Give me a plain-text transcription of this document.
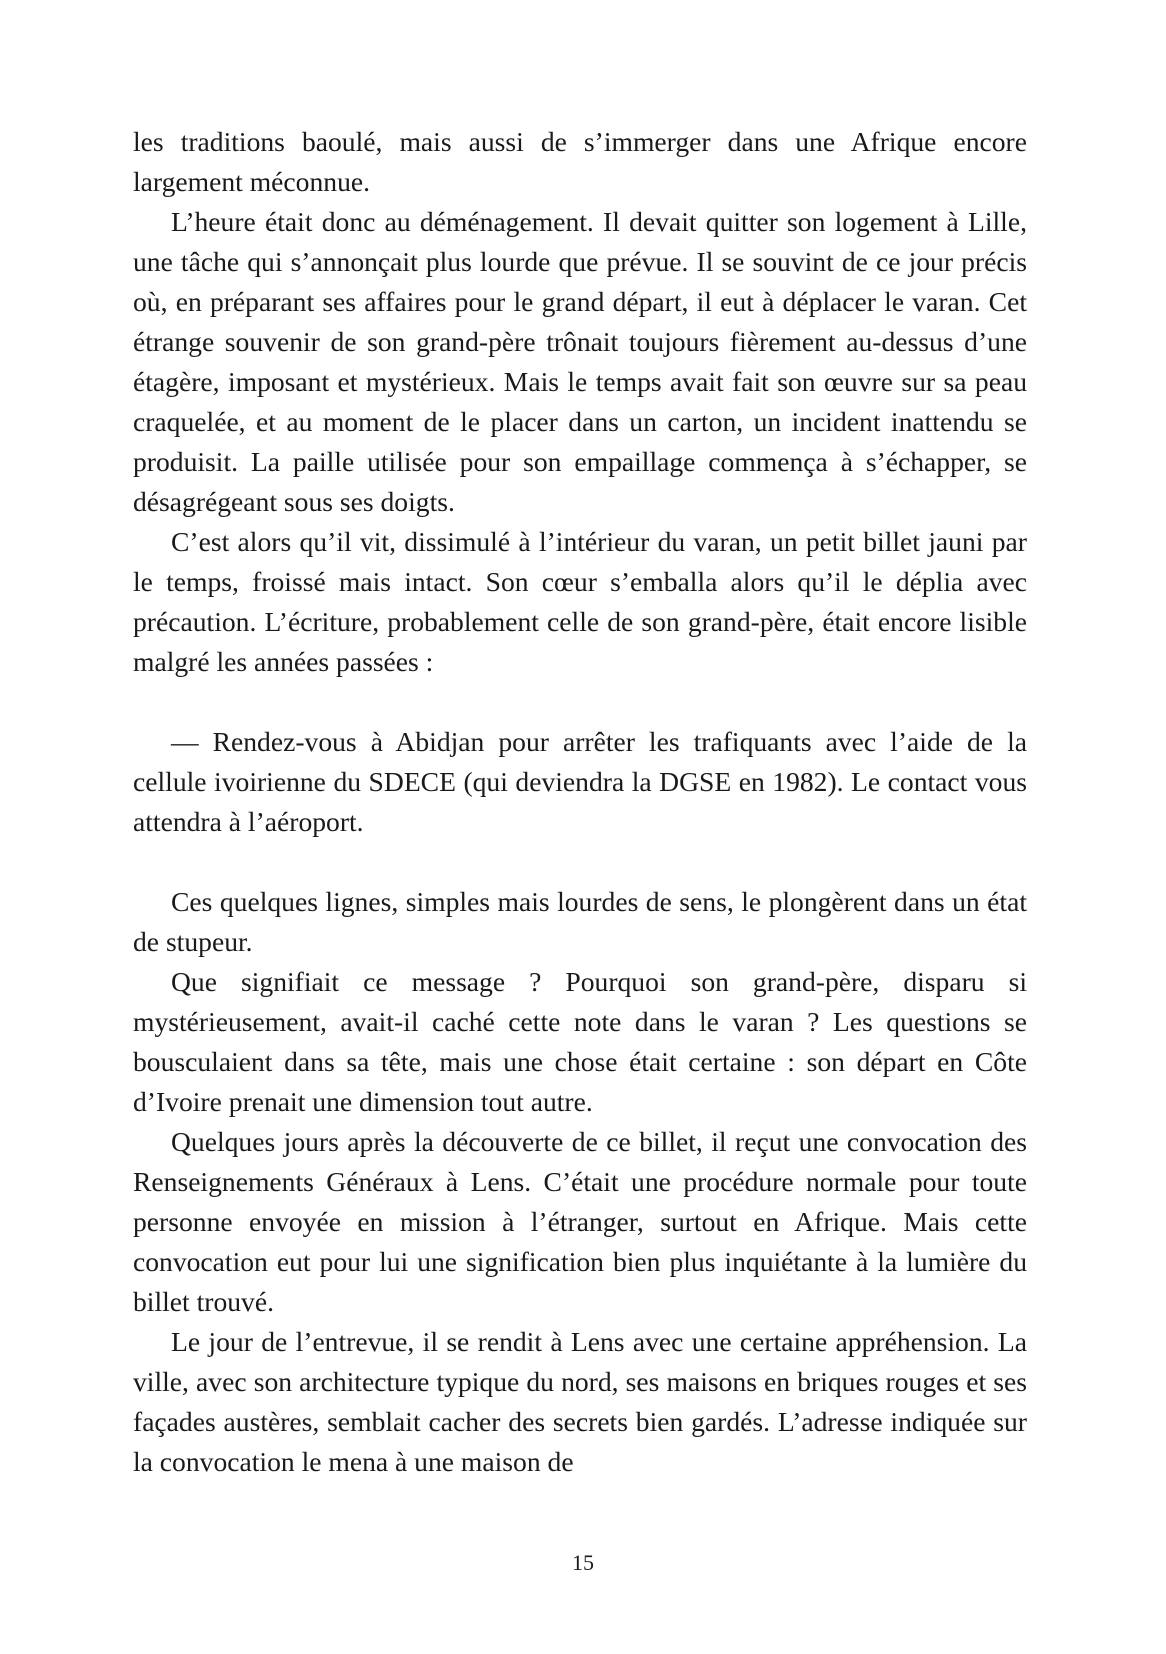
les traditions baoulé, mais aussi de s’immerger dans une Afrique encore largement méconnue.

L’heure était donc au déménagement. Il devait quitter son logement à Lille, une tâche qui s’annonçait plus lourde que prévue. Il se souvint de ce jour précis où, en préparant ses affaires pour le grand départ, il eut à déplacer le varan. Cet étrange souvenir de son grand-père trônait toujours fièrement au-dessus d’une étagère, imposant et mystérieux. Mais le temps avait fait son œuvre sur sa peau craquelée, et au moment de le placer dans un carton, un incident inattendu se produisit. La paille utilisée pour son empaillage commença à s’échapper, se désagrégeant sous ses doigts.

C’est alors qu’il vit, dissimulé à l’intérieur du varan, un petit billet jauni par le temps, froissé mais intact. Son cœur s’emballa alors qu’il le déplia avec précaution. L’écriture, probablement celle de son grand-père, était encore lisible malgré les années passées :

— Rendez-vous à Abidjan pour arrêter les trafiquants avec l’aide de la cellule ivoirienne du SDECE (qui deviendra la DGSE en 1982). Le contact vous attendra à l’aéroport.

Ces quelques lignes, simples mais lourdes de sens, le plongèrent dans un état de stupeur.

Que signifiait ce message ? Pourquoi son grand-père, disparu si mystérieusement, avait-il caché cette note dans le varan ? Les questions se bousculaient dans sa tête, mais une chose était certaine : son départ en Côte d’Ivoire prenait une dimension tout autre.

Quelques jours après la découverte de ce billet, il reçut une convocation des Renseignements Généraux à Lens. C’était une procédure normale pour toute personne envoyée en mission à l’étranger, surtout en Afrique. Mais cette convocation eut pour lui une signification bien plus inquiétante à la lumière du billet trouvé.

Le jour de l’entrevue, il se rendit à Lens avec une certaine appréhension. La ville, avec son architecture typique du nord, ses maisons en briques rouges et ses façades austères, semblait cacher des secrets bien gardés. L’adresse indiquée sur la convocation le mena à une maison de

15
